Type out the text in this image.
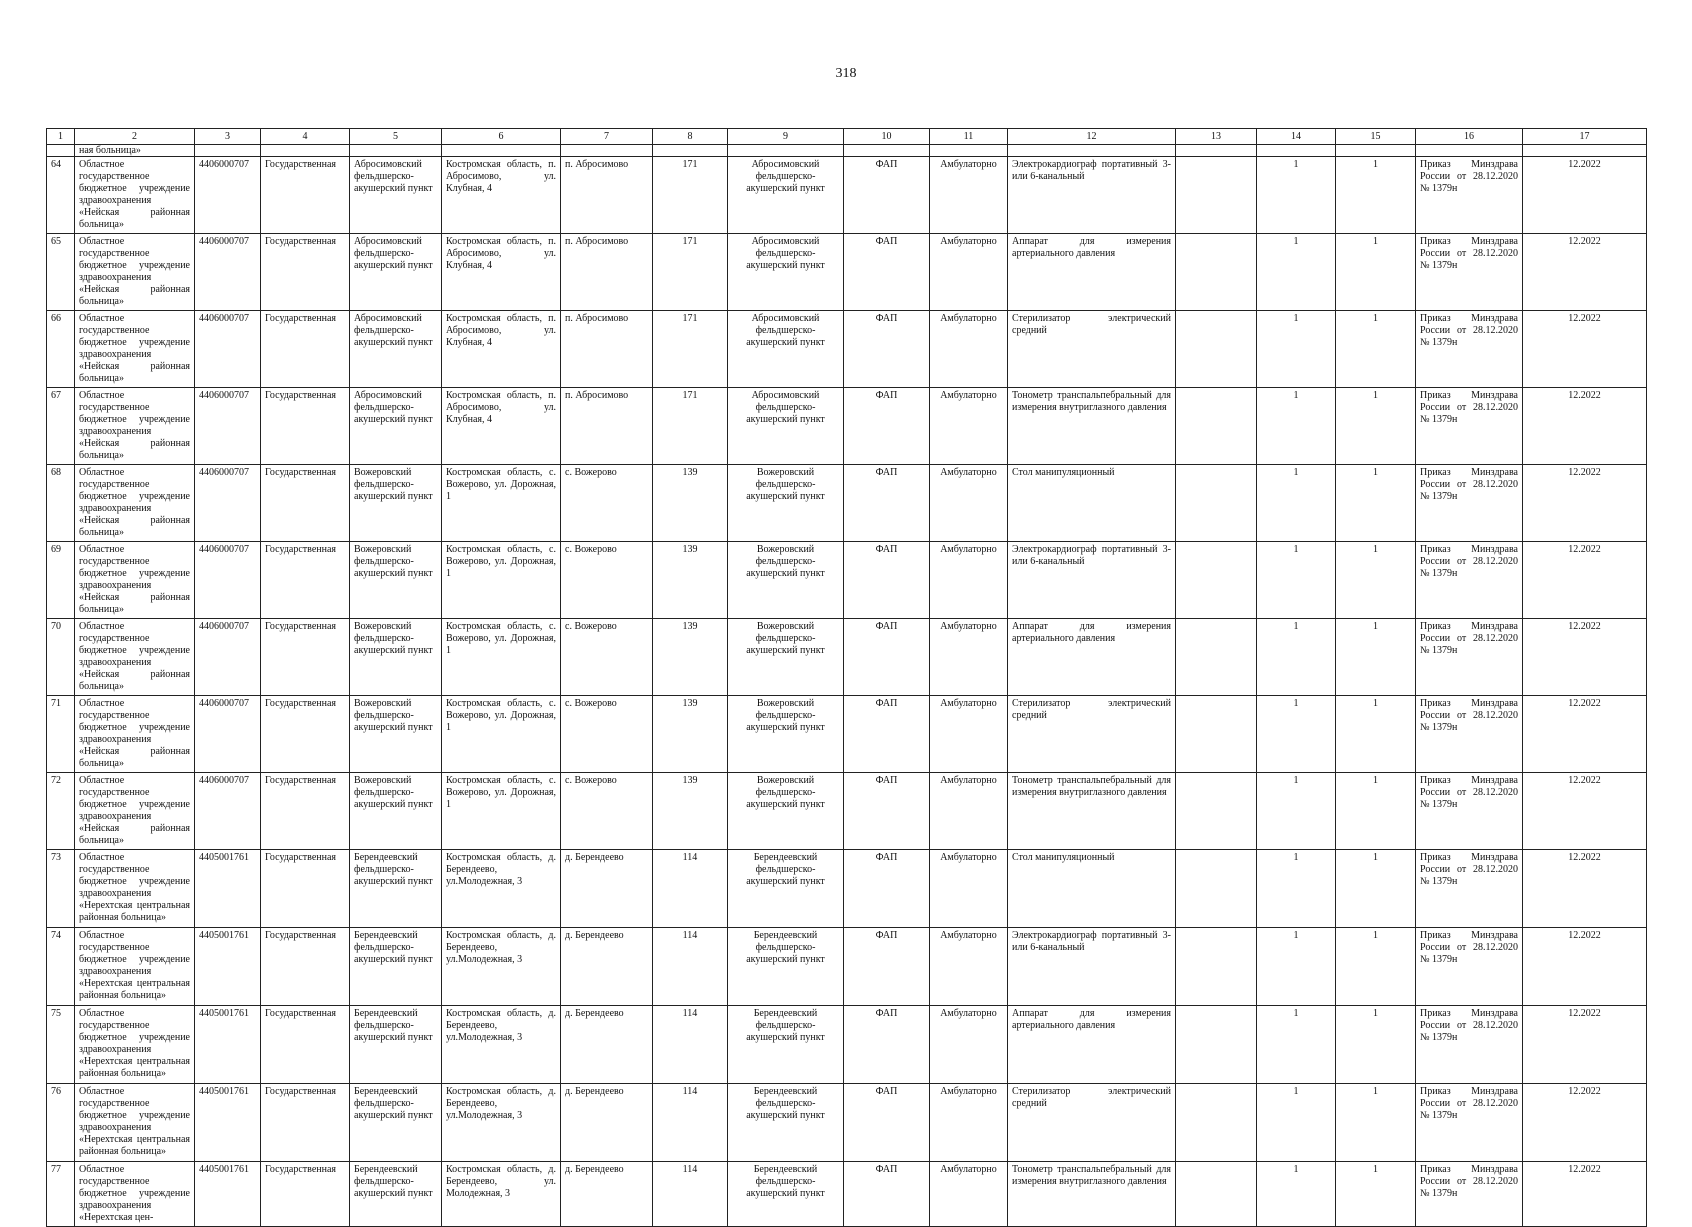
318
1	2	3	4	5	6	7	8	9	10	11	12	13	14	15	16	17
	ная больница»															
64	Областное государственное бюджетное учреждение здравоохранения «Нейская районная больница»	4406000707	Государственная	Абросимовский фельдшерско-акушерский пункт	Костромская область, п. Абросимово, ул. Клубная, 4	п. Абросимово	171	Абросимовский фельдшерско-акушерский пункт	ФАП	Амбулаторно	Электрокардиограф портативный 3- или 6-канальный		1	1	Приказ Минздрава России от 28.12.2020 № 1379н	12.2022
65	Областное государственное бюджетное учреждение здравоохранения «Нейская районная больница»	4406000707	Государственная	Абросимовский фельдшерско-акушерский пункт	Костромская область, п. Абросимово, ул. Клубная, 4	п. Абросимово	171	Абросимовский фельдшерско-акушерский пункт	ФАП	Амбулаторно	Аппарат для измерения артериального давления		1	1	Приказ Минздрава России от 28.12.2020 № 1379н	12.2022
66	Областное государственное бюджетное учреждение здравоохранения «Нейская районная больница»	4406000707	Государственная	Абросимовский фельдшерско-акушерский пункт	Костромская область, п. Абросимово, ул. Клубная, 4	п. Абросимово	171	Абросимовский фельдшерско-акушерский пункт	ФАП	Амбулаторно	Стерилизатор электрический средний		1	1	Приказ Минздрава России от 28.12.2020 № 1379н	12.2022
67	Областное государственное бюджетное учреждение здравоохранения «Нейская районная больница»	4406000707	Государственная	Абросимовский фельдшерско-акушерский пункт	Костромская область, п. Абросимово, ул. Клубная, 4	п. Абросимово	171	Абросимовский фельдшерско-акушерский пункт	ФАП	Амбулаторно	Тонометр транспальпебральный для измерения внутриглазного давления		1	1	Приказ Минздрава России от 28.12.2020 № 1379н	12.2022
68	Областное государственное бюджетное учреждение здравоохранения «Нейская районная больница»	4406000707	Государственная	Вожеровский фельдшерско-акушерский пункт	Костромская область, с. Вожерово, ул. Дорожная, 1	с. Вожерово	139	Вожеровский фельдшерско-акушерский пункт	ФАП	Амбулаторно	Стол манипуляционный		1	1	Приказ Минздрава России от 28.12.2020 № 1379н	12.2022
69	Областное государственное бюджетное учреждение здравоохранения «Нейская районная больница»	4406000707	Государственная	Вожеровский фельдшерско-акушерский пункт	Костромская область, с. Вожерово, ул. Дорожная, 1	с. Вожерово	139	Вожеровский фельдшерско-акушерский пункт	ФАП	Амбулаторно	Электрокардиограф портативный 3- или 6-канальный		1	1	Приказ Минздрава России от 28.12.2020 № 1379н	12.2022
70	Областное государственное бюджетное учреждение здравоохранения «Нейская районная больница»	4406000707	Государственная	Вожеровский фельдшерско-акушерский пункт	Костромская область, с. Вожерово, ул. Дорожная, 1	с. Вожерово	139	Вожеровский фельдшерско-акушерский пункт	ФАП	Амбулаторно	Аппарат для измерения артериального давления		1	1	Приказ Минздрава России от 28.12.2020 № 1379н	12.2022
71	Областное государственное бюджетное учреждение здравоохранения «Нейская районная больница»	4406000707	Государственная	Вожеровский фельдшерско-акушерский пункт	Костромская область, с. Вожерово, ул. Дорожная, 1	с. Вожерово	139	Вожеровский фельдшерско-акушерский пункт	ФАП	Амбулаторно	Стерилизатор электрический средний		1	1	Приказ Минздрава России от 28.12.2020 № 1379н	12.2022
72	Областное государственное бюджетное учреждение здравоохранения «Нейская районная больница»	4406000707	Государственная	Вожеровский фельдшерско-акушерский пункт	Костромская область, с. Вожерово, ул. Дорожная, 1	с. Вожерово	139	Вожеровский фельдшерско-акушерский пункт	ФАП	Амбулаторно	Тонометр транспальпебральный для измерения внутриглазного давления		1	1	Приказ Минздрава России от 28.12.2020 № 1379н	12.2022
73	Областное государственное бюджетное учреждение здравоохранения «Нерехтская центральная районная больница»	4405001761	Государственная	Берендеевский фельдшерско-акушерский пункт	Костромская область, д. Берендеево, ул.Молодежная, 3	д. Берендеево	114	Берендеевский фельдшерско-акушерский пункт	ФАП	Амбулаторно	Стол манипуляционный		1	1	Приказ Минздрава России от 28.12.2020 № 1379н	12.2022
74	Областное государственное бюджетное учреждение здравоохранения «Нерехтская центральная районная больница»	4405001761	Государственная	Берендеевский фельдшерско-акушерский пункт	Костромская область, д. Берендеево, ул.Молодежная, 3	д. Берендеево	114	Берендеевский фельдшерско-акушерский пункт	ФАП	Амбулаторно	Электрокардиограф портативный 3- или 6-канальный		1	1	Приказ Минздрава России от 28.12.2020 № 1379н	12.2022
75	Областное государственное бюджетное учреждение здравоохранения «Нерехтская центральная районная больница»	4405001761	Государственная	Берендеевский фельдшерско-акушерский пункт	Костромская область, д. Берендеево, ул.Молодежная, 3	д. Берендеево	114	Берендеевский фельдшерско-акушерский пункт	ФАП	Амбулаторно	Аппарат для измерения артериального давления		1	1	Приказ Минздрава России от 28.12.2020 № 1379н	12.2022
76	Областное государственное бюджетное учреждение здравоохранения «Нерехтская центральная районная больница»	4405001761	Государственная	Берендеевский фельдшерско-акушерский пункт	Костромская область, д. Берендеево, ул.Молодежная, 3	д. Берендеево	114	Берендеевский фельдшерско-акушерский пункт	ФАП	Амбулаторно	Стерилизатор электрический средний		1	1	Приказ Минздрава России от 28.12.2020 № 1379н	12.2022
77	Областное государственное бюджетное учреждение здравоохранения «Нерехтская цен-	4405001761	Государственная	Берендеевский фельдшерско-акушерский пункт	Костромская область, д. Берендеево, ул. Молодежная, 3	д. Берендеево	114	Берендеевский фельдшерско-акушерский пункт	ФАП	Амбулаторно	Тонометр транспальпебральный для измерения внутриглазного давления		1	1	Приказ Минздрава России от 28.12.2020 № 1379н	12.2022
